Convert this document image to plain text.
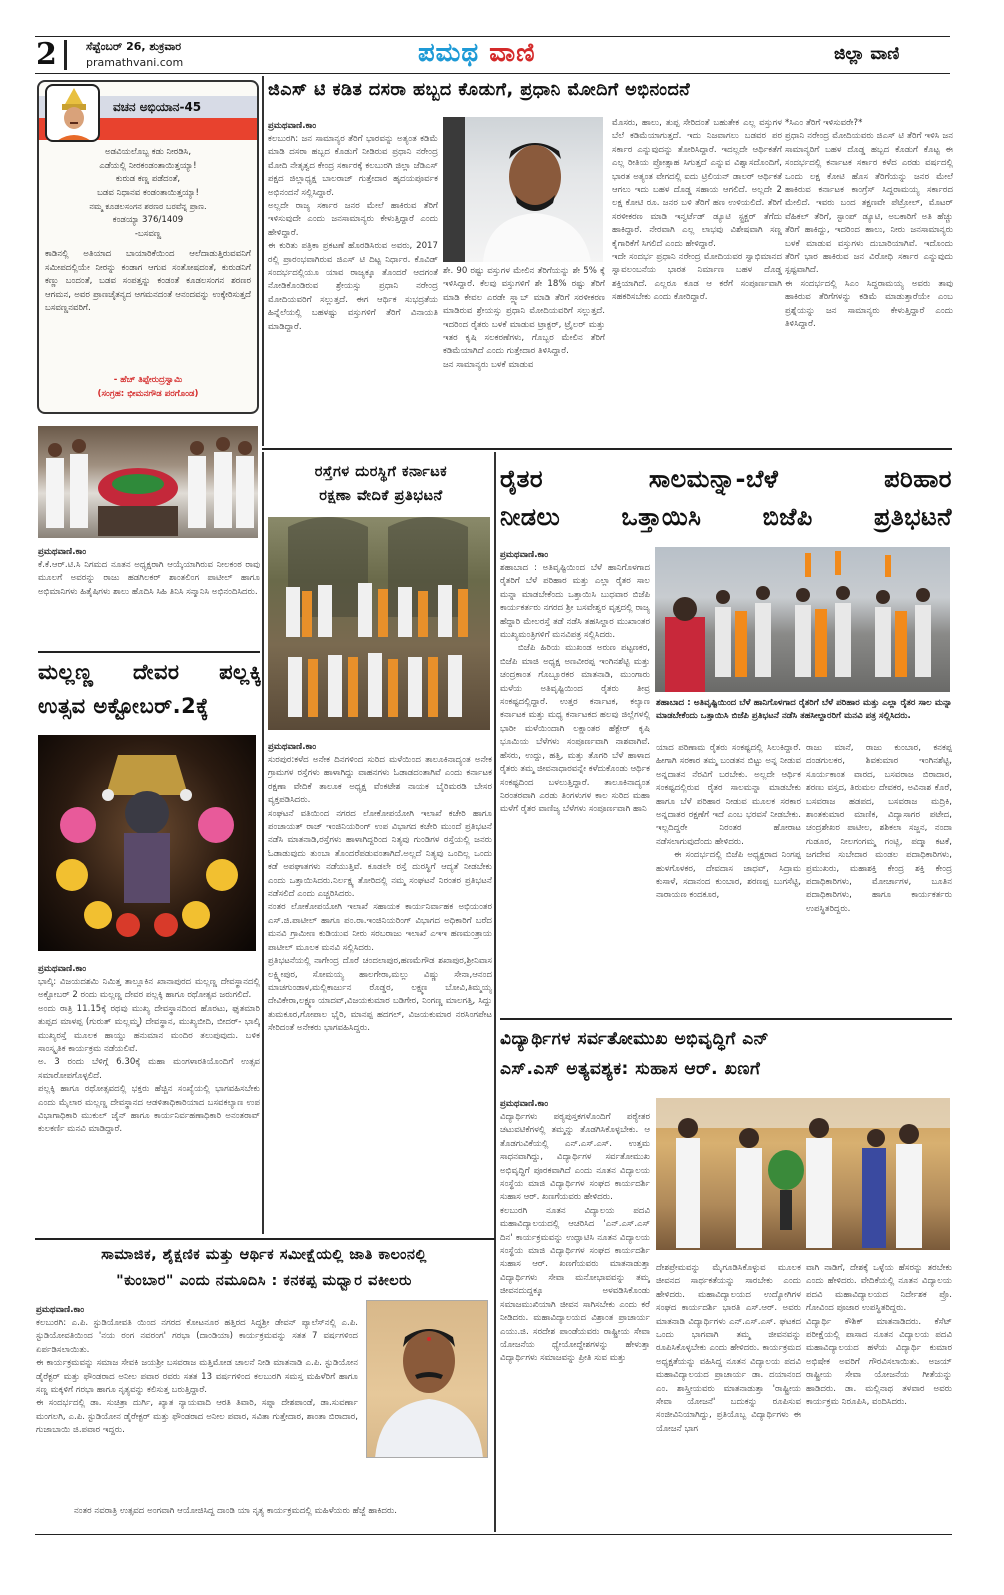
2	ಸೆಪ್ಟೆಂಬರ್ 26, ಶುಕ್ರವಾರ
pramathvani.com	ಪಮಥ ವಾಣಿ	ಜಿಲ್ಲಾ ವಾಣಿ
ವಚನ ಅಭಿಯಾನ-45
ಅಡವಿಯಲೊಬ್ಬ ಕಡು ನೀರಡಿಸಿ,
ಎಡೆಯಲ್ಲಿ ನೀರಕಂಡಂತಾಯಿತ್ತಯ್ಯಾ!
ಕುರುಡ ಕಣ್ಣ ಪಡೆದಂತೆ,
ಬಡವ ನಿಧಾನವ ಕಂಡಂತಾಯಿತ್ತಯ್ಯಾ!
ನಮ್ಮ ಕೂಡಲಸಂಗನ ಶರಣರ ಬರವೆನ್ನ ಪ್ರಾಣ.
ಕಂಡಯ್ಯಾ 376/1409
-ಬಸವಣ್ಣ
ಕಾಡಿನಲ್ಲಿ ಅತಿಯಾದ ಬಾಯಾರಿಕೆಯಿಂದ ಆಲೆದಾಡುತ್ತಿರುವವನಿಗೆ ಸಮೀಪದಲ್ಲಿಯೇ ನೀರನ್ನು ಕಂಡಾಗ ಆಗುವ ಸಂತೋಷದಂತೆ, ಕುರುಡನಿಗೆ ಕಣ್ಣು ಬಂದಂತೆ, ಬಡವ ಸಂಪತ್ತನ್ನು ಕಂಡಂತೆ ಕೂಡಲಸಂಗನ ಶರಣರ ಆಗಮನ, ಅವರ ಪ್ರಾಣಚೈತನ್ಯದ ಆಗಮನದಂತೆ ಆನಂದವನ್ನು ಉಕ್ಕೇರಿಸುತ್ತದೆ ಬಸವಣ್ಣನವರಿಗೆ.
- ಹೆಚ್ ತಿಪ್ಪೇರುದ್ರಸ್ವಾಮಿ
(ಸಂಗ್ರಹ: ಭೀಮನಗೌಡ ಪರಗೊಂಡ)
ಜಿಎಸ್ ಟಿ ಕಡಿತ ದಸರಾ ಹಬ್ಬದ ಕೊಡುಗೆ, ಪ್ರಧಾನಿ ಮೋದಿಗೆ ಅಭಿನಂದನೆ
ಪ್ರಮಥವಾಣಿ.ಕಾಂ

ಕಲಬುರಗಿ: ಜನ ಸಾಮಾನ್ಯರ ತೆರಿಗೆ ಭಾರವನ್ನು ಅತ್ಯಂತ ಕಡಿಮೆ ಮಾಡಿ ದಸರಾ ಹಬ್ಬದ ಕೊಡುಗೆ ನೀಡಿರುವ ಪ್ರಧಾನಿ ನರೇಂದ್ರ ಮೋದಿ ನೇತೃತ್ವದ ಕೇಂದ್ರ ಸರ್ಕಾರಕ್ಕೆ ಕಲಬುರಗಿ ಜಿಲ್ಲಾ ಜೆಡಿಎಸ್ ಪಕ್ಷದ ಜಿಲ್ಲಾಧ್ಯಕ್ಷ ಬಾಲರಾಜ್ ಗುತ್ತೇದಾರ ಹೃದಯಪೂರ್ವಕ ಅಭಿನಂದನೆ ಸಲ್ಲಿಸಿದ್ದಾರೆ.

ಅಲ್ಲದೇ ರಾಜ್ಯ ಸರ್ಕಾರ ಜನರ ಮೇಲೆ ಹಾಕಿರುವ ತೆರಿಗೆ ಇಳಿಸುವುದೇ ಎಂದು ಜನಸಾಮಾನ್ಯರು ಕೇಳುತ್ತಿದ್ದಾರೆ ಎಂದು ಹೇಳಿದ್ದಾರೆ.

ಈ ಕುರಿತು ಪತ್ರಿಕಾ ಪ್ರಕಟಣೆ ಹೊರಡಿಸಿರುವ ಅವರು, 2017 ರಲ್ಲಿ ಪ್ರಾರಂಭವಾಗಿರುವ ಜಿಎಸ್ ಟಿ ದಿಟ್ಟ ನಿರ್ಧಾರ. ಕೊವಿಡ್ ಸಂದರ್ಭದಲ್ಲಿಯೂ ಯಾವ ರಾಜ್ಯಕ್ಕೂ ತೊಂದರೆ ಆದಗಂತೆ ನೋಡಿಕೊಂಡಿರುವ ಶ್ರೇಯಸ್ಸು ಪ್ರಧಾನಿ ನರೇಂದ್ರ ಮೋದಿಯವರಿಗೆ ಸಲ್ಲುತ್ತದೆ. ಈಗ ಆರ್ಥಿಕ ಸುಭದ್ರತೆಯ ಹಿನ್ನೆಲೆಯಲ್ಲಿ ಬಹಳಷ್ಟು ವಸ್ತುಗಳಿಗೆ ತೆರಿಗೆ ವಿನಾಯತಿ ಮಾಡಿದ್ದಾರೆ.

ಶೇ. 90 ರಷ್ಟು ವಸ್ತುಗಳ ಮೇಲಿನ ತೆರಿಗೆಯನ್ನು ಶೇ 5% ಕ್ಕೆ ಇಳಿಸಿದ್ದಾರೆ. ಕೆಲವು ವಸ್ತುಗಳಿಗೆ ಶೇ 18% ರಷ್ಟು ತೆರಿಗೆ ಮಾಡಿ ಕೇವಲ ಎರಡೇ ಸ್ಲ್ಯಾಬ್ ಮಾಡಿ ತೆರಿಗೆ ಸರಳೀಕರಣ ಮಾಡಿರುವ ಶ್ರೇಯಸ್ಸು ಪ್ರಧಾನಿ ಮೋದಿಯವರಿಗೆ ಸಲ್ಲುತ್ತದೆ. ಇದರಿಂದ ರೈತರು ಬಳಕೆ ಮಾಡುವ ಟ್ರಾಕ್ಟರ್, ಟ್ರೈಲರ್ ಮತ್ತು ಇತರ ಕೃಷಿ ಸಲಕರಣೆಗಳು, ಗೊಬ್ಬರ ಮೇಲಿನ ತೆರಿಗೆ ಕಡಿಮೆಯಾಗಿದೆ ಎಂದು ಗುತ್ತೇದಾರ ತಿಳಿಸಿದ್ದಾರೆ.

ಜನ ಸಾಮಾನ್ಯರು ಬಳಕೆ ಮಾಡುವ

ಮೊಸರು, ಹಾಲು, ತುಪ್ಪ ಸೇರಿದಂತೆ ಬಹುತೇಕ ಎಲ್ಲ ವಸ್ತುಗಳ ಬೆಲೆ ಕಡಿಮೆಯಾಗುತ್ತದೆ. ಇದು ನಿಜವಾಗಲು ಬಡವರ ಪರ ಸರ್ಕಾರ ಎನ್ನುವುದನ್ನು ತೋರಿಸಿದ್ದಾರೆ. ಇದಲ್ಲದೇ ಆರ್ಥಿಕತೆಗೆ ಎಲ್ಲ ರೀತಿಯ ಪ್ರೋತ್ಸಾಹ ಸಿಗುತ್ತದೆ ಎನ್ನುವ ವಿಶ್ವಾಸದೊಂದಿಗೆ, ಭಾರತ ಅತ್ಯಂತ ವೇಗದಲ್ಲಿ ಐದು ಟ್ರಿಲಿಯನ್ ಡಾಲರ್ ಆರ್ಥಿಕತೆ ಆಗಲು ಇದು ಬಹಳ ದೊಡ್ಡ ಸಹಾಯ ಆಗಲಿದೆ. ಅಲ್ಲದೇ 2 ಲಕ್ಷ ಕೋಟಿ ರೂ. ಜನರ ಬಳಿ ತೆರಿಗೆ ಹಣ ಉಳಿಯಲಿದೆ. ತೆರಿಗೆ ಸರಳೀಕರಣ ಮಾಡಿ ಇನ್ವರ್ಟೆಡ್ ಡ್ಯೂಟಿ ಸ್ಟ್ರಕ್ಚರ್ ತೆಗೆದು ಹಾಕಿದ್ದಾರೆ. ನೇರವಾಗಿ ಎಲ್ಲ ಲಾಭವು ವಿಶೇಷವಾಗಿ ಸಣ್ಣ ಕೈಗಾರಿಕೆಗೆ ಸಿಗಲಿದೆ ಎಂದು ಹೇಳಿದ್ದಾರೆ.

ಇದೇ ಸಂದರ್ಭ ಪ್ರಧಾನಿ ನರೇಂದ್ರ ಮೋದಿಯವರ ಸ್ವಾಭಿಮಾನದ ಸ್ವಾವಲಂಬನೆಯ ಭಾರತ ನಿರ್ಮಾಣ ಬಹಳ ದೊಡ್ಡ ಶಕ್ತಿಯಾಗಿದೆ. ಎಲ್ಲರೂ ಕೂಡ ಆ ಕರೆಗೆ ಸಂಪೂರ್ಣವಾಗಿ ಸಹಕರಿಸಬೇಕು ಎಂದು ಕೋರಿದ್ದಾರೆ.

*ಸಿಎಂ ತೆರಿಗೆ ಇಳಿಸುವರೇ?*

ಪ್ರಧಾನಿ ನರೇಂದ್ರ ಮೋದಿಯವರು ಜಿಎಸ್ ಟಿ ತೆರಿಗೆ ಇಳಿಸಿ ಜನ ಸಾಮಾನ್ಯರಿಗೆ ಬಹಳ ದೊಡ್ಡ ಹಬ್ಬದ ಕೊಡುಗೆ ಕೊಟ್ಟ ಈ ಸಂದರ್ಭದಲ್ಲಿ ಕರ್ನಾಟಕ ಸರ್ಕಾರ ಕಳೆದ ಎರಡು ವರ್ಷದಲ್ಲಿ ಒಂದು ಲಕ್ಷ ಕೋಟಿ ಹೊಸ ತೆರಿಗೆಯನ್ನು ಜನರ ಮೇಲೆ ಹಾಕಿರುವ ಕರ್ನಾಟಕ ಕಾಂಗ್ರೆಸ್ ಸಿದ್ದರಾಮಯ್ಯ ಸರ್ಕಾರದ ಮೇಲಿದೆ. ಇವರು ಬಂದ ತಕ್ಷಣವೇ ಪೆಟ್ರೋಲ್, ಮೊಟರ್ ವೆಹಿಕಲ್ ತೆರಿಗೆ, ಸ್ಟಾಂಪ್ ಡ್ಯೂಟಿ, ಅಬಕಾರಿಗೆ ಅತಿ ಹೆಚ್ಚು ತೆರಿಗೆ ಹಾಕಿದ್ದು, ಇದರಿಂದ ಹಾಲು, ನೀರು ಜನಸಾಮಾನ್ಯರು ಬಳಕೆ ಮಾಡುವ ವಸ್ತುಗಳು ದುಬಾರಿಯಾಗಿವೆ. ಇದೊಂದು ತೆರಿಗೆ ಭಾರ ಹಾಕಿರುವ ಜನ ವಿರೋಧಿ ಸರ್ಕಾರ ಎನ್ನುವುದು ಸ್ಪಷ್ಟವಾಗಿದೆ.

ಈ ಸಂದರ್ಭದಲ್ಲಿ ಸಿಎಂ ಸಿದ್ದರಾಮಯ್ಯ ಅವರು ತಾವು ಹಾಕಿರುವ ತೆರಿಗೆಗಳನ್ನು ಕಡಿಮೆ ಮಾಡುತ್ತಾರೆಯೇ ಎಂಬ ಪ್ರಶ್ನೆಯನ್ನು ಜನ ಸಾಮಾನ್ಯರು ಕೇಳುತ್ತಿದ್ದಾರೆ ಎಂದು ತಿಳಿಸಿದ್ದಾರೆ.

ಪ್ರಮಥವಾಣಿ.ಕಾಂ
ಕೆ.ಕೆ.ಆರ್.ಟಿ.ಸಿ ನಿಗಮದ ನೂತನ ಅಧ್ಯಕ್ಷರಾಗಿ ಆಯ್ಕೆಯಾಗಿರುವ ನೀಲಕಂಠ ರಾವು ಮೂಲಗೆ ಅವರನ್ನು ರಾಜು ಹಡಗಿಲಕರ್ ಶಾಂತಲಿಂಗ ಪಾಟೀಲ್ ಹಾಗೂ ಅಭಿಮಾನಿಗಳು ಹಿತೈಷಿಗಳು ಶಾಲು ಹೊದಿಸಿ ಸಿಹಿ ತಿನಿಸಿ ಸನ್ಮಾನಿಸಿ ಅಭಿನಂದಿಸಿದರು.
ಮಲ್ಲಣ್ಣ ದೇವರ ಪಲ್ಲಕ್ಕಿ
ಉತ್ಸವ ಅಕ್ಟೋಬರ್.2ಕ್ಕೆ
ಪ್ರಮಥವಾಣಿ.ಕಾಂ

ಭಾಲ್ಕಿ: ವಿಜಯದಶಮಿ ನಿಮಿತ್ತ ತಾಲ್ಲೂಕಿನ ಖಾನಾಪುರದ ಮಲ್ಲಣ್ಣ ದೇವಸ್ಥಾನದಲ್ಲಿ ಅಕ್ಟೋಬರ್ 2 ರಂದು ಮಲ್ಲಣ್ಣ ದೇವರ ಪಲ್ಲಕ್ಕಿ ಹಾಗೂ ರಥೋತ್ಸವ ಜರುಗಲಿದೆ.

ಅಂದು ರಾತ್ರಿ 11.15ಕ್ಕೆ ರಥವು ಮುಖ್ಯ ದೇವಸ್ಥಾನದಿಂದ ಹೊರಟು, ಘೃತಮಾರಿ ತುಪ್ಪದ ಮಾಳಪ್ಪ (ಗುರುತ್ ಮಲ್ಲಮ್ಮ) ದೇವಸ್ಥಾನ, ಮುಖ್ಯಬೀದಿ, ಬೀದರ್- ಭಾಲ್ಕಿ ಮುಖ್ಯರಸ್ತೆ ಮೂಲಕ ಹಾಯ್ದು ಹನುಮಾನ ಮಂದಿರ ತಲುಪುವುದು. ಬಳಿಕ ಸಾಂಸ್ಕೃತಿಕ ಕಾರ್ಯಕ್ರಮ ನಡೆಯಲಿವೆ.

ಅ. 3 ರಂದು ಬೆಳಿಗ್ಗೆ 6.30ಕ್ಕೆ ಮಹಾ ಮಂಗಳಾರತಿಯೊಂದಿಗೆ ಉತ್ಸವ ಸಮಾರೋಪಗೊಳ್ಳಲಿದೆ.

ಪಲ್ಲಕ್ಕಿ ಹಾಗೂ ರಥೋತ್ಸವದಲ್ಲಿ ಭಕ್ತರು ಹೆಚ್ಚಿನ ಸಂಖ್ಯೆಯಲ್ಲಿ ಭಾಗವಹಿಸಬೇಕು ಎಂದು ಮೈಲಾರ ಮಲ್ಲಣ್ಣ ದೇವಸ್ಥಾನದ ಆಡಳಿತಾಧಿಕಾರಿಯಾದ ಬಸವಕಲ್ಯಾಣ ಉಪ ವಿಭಾಗಾಧಿಕಾರಿ ಮುಕುಲ್ ಜೈನ್ ಹಾಗೂ ಕಾರ್ಯನಿರ್ವಹಣಾಧಿಕಾರಿ ಅನಂತರಾವ್ ಕುಲಕರ್ಣಿ ಮನವಿ ಮಾಡಿದ್ದಾರೆ.

ರಸ್ತೆಗಳ ದುರಸ್ಥಿಗೆ ಕರ್ನಾಟಕ
ರಕ್ಷಣಾ ವೇದಿಕೆ ಪ್ರತಿಭಟನೆ
ಪ್ರಮಥವಾಣಿ.ಕಾಂ

ಸುರಪುರ:ಕಳೆದ ಅನೇಕ ದಿನಗಳಿಂದ ಸುರಿದ ಮಳೆಯಿಂದ ತಾಲೂಕಿನಾದ್ಯಂತ ಅನೇಕ ಗ್ರಾಮಗಳ ರಸ್ತೆಗಳು ಹಾಳಾಗಿದ್ದು ವಾಹನಗಳು ಓಡಾಡದಂತಾಗಿವೆ ಎಂದು ಕರ್ನಾಟಕ ರಕ್ಷಣಾ ವೇದಿಕೆ ತಾಲೂಕ ಅಧ್ಯಕ್ಷ ವೆಂಕಟೇಶ ನಾಯಕ ಬೈರಿಮರಡಿ ಬೇಸರ ವ್ಯಕ್ತಪಡಿಸಿದರು.

ಸಂಘಟನೆ ವತಿಯಿಂದ ನಗರದ ಲೋಕೋಪಯೋಗಿ ಇಲಾಖೆ ಕಚೇರಿ ಹಾಗೂ ಪಂಚಾಯತ್ ರಾಜ್ ಇಂಜಿನಿಯರಿಂಗ್ ಉಪ ವಿಭಾಗದ ಕಚೇರಿ ಮುಂದೆ ಪ್ರತಿಭಟನೆ ನಡೆಸಿ ಮಾತನಾಡಿ,ರಸ್ತೆಗಳು ಹಾಳಾಗಿದ್ದರಿಂದ ನಿತ್ಯವು ಗುಂಡಿಗಳ ರಸ್ತೆಯಲ್ಲಿ ಜನರು ಓಡಾಡುವುದು ತುಂಬಾ ತೊಂದರೆಪಡುವಂತಾಗಿದೆ.ಅಲ್ಲದೆ ನಿತ್ಯವು ಒಂದಿಲ್ಲ ಒಂದು ಕಡೆ ಅಪಘಾತಗಳು ನಡೆಯುತ್ತಿವೆ. ಕೂಡಲೇ ರಸ್ತೆ ದುರಸ್ಥಿಗೆ ಆದ್ಯತೆ ನೀಡಬೇಕು ಎಂದು ಒತ್ತಾಯಿಸಿದರು.ನಿರ್ಲಕ್ಷ್ಯ ತೋರಿದಲ್ಲಿ ನಮ್ಮ ಸಂಘಟನೆ ನಿರಂತರ ಪ್ರತಿಭಟನೆ ನಡೆಸಲಿದೆ ಎಂದು ಎಚ್ಚರಿಸಿದರು.

ನಂತರ ಲೋಕೋಪಯೋಗಿ ಇಲಾಖೆ ಸಹಾಯಕ ಕಾರ್ಯನಿರ್ವಾಹಕ ಅಭಿಯಂತರ ಎಸ್.ಜಿ.ಪಾಟೀಲ್ ಹಾಗೂ ಪಂ.ರಾ.ಇಂಜಿನಿಯರಿಂಗ್ ವಿಭಾಗದ ಅಧಿಕಾರಿಗೆ ಬರೆದ ಮನವಿ ಗ್ರಾಮೀಣ ಕುಡಿಯುವ ನೀರು ಸರಬರಾಜು ಇಲಾಖೆ ಎಇಇ ಹಣಮಂತ್ರಾಯ ಪಾಟೀಲ್ ಮೂಲಕ ಮನವಿ ಸಲ್ಲಿಸಿದರು.

ಪ್ರತಿಭಟನೆಯಲ್ಲಿ ನಾಗೇಂದ್ರ ದೊರೆ ಚಂದಲಾಪುರ,ಹಣಮೆಗೌಡ ಶಖಾಪುರ,ಶ್ರೀನಿವಾಸ ಲಕ್ಷ್ಮೀಪುರ, ಸೋಮಯ್ಯ ಹಾಲಗೇರಾ,ಮಲ್ಲು ವಿಷ್ಣು ಸೇನಾ,ಆನಂದ ಮಾಚಗುಂಡಾಳ,ಮಲ್ಲಿಕಾರ್ಜುನ ರೊಡ್ಡರ, ಲಕ್ಷ್ಮಣ ಬೋವಿ,ತಿಮ್ಮಯ್ಯ ದೇವಿಕೇರಾ,ಲಕ್ಷ್ಮಣ ಯಾದವ್,ವಿಜಯಕುಮಾರ ಬಡಿಗೇರ, ನಿಂಗಣ್ಣ ಮಾಲಗತ್ತಿ, ಸಿದ್ದು ತುಮಕೂರ,ಗೋಪಾಲ ಭೈರಿ, ಮಾನಪ್ಪ ಹದಗಲ್, ವಿಜಯಕುಮಾರ ನರಸಿಂಗಪೇಟ ಸೇರಿದಂತೆ ಅನೇಕರು ಭಾಗವಹಿಸಿದ್ದರು.

ರೈತರ ಸಾಲಮನ್ನಾ-ಬೆಳೆ ಪರಿಹಾರ
ನೀಡಲು ಒತ್ತಾಯಿಸಿ ಬಿಜೆಪಿ ಪ್ರತಿಭಟನೆ
ಪ್ರಮಥವಾಣಿ.ಕಾಂ

ಶಹಾಬಾದ : ಅತಿವೃಷ್ಟಿಯಿಂದ ಬೆಳೆ ಹಾನಿಗೊಳಗಾದ ರೈತರಿಗೆ ಬೆಳೆ ಪರಿಹಾರ ಮತ್ತು ಎಲ್ಲಾ ರೈತರ ಸಾಲ ಮನ್ನಾ ಮಾಡಬೇಕೆಂದು ಒತ್ತಾಯಿಸಿ ಬುಧವಾರ ಬಿಜೆಪಿ ಕಾರ್ಯಕರ್ತರು ನಗರದ ಶ್ರೀ ಬಸವೇಶ್ವರ ವೃತ್ತದಲ್ಲಿ ರಾಜ್ಯ ಹೆದ್ದಾರಿ ಮೇಲರಸ್ತೆ ತಡೆ ನಡೆಸಿ ತಹಸಿಲ್ದಾರ ಮುಖಾಂತರ ಮುಖ್ಯಮಂತ್ರಿಗಳಿಗೆ ಮನವಿಪತ್ರ ಸಲ್ಲಿಸಿದರು.

ಬಿಜೆಪಿ ಹಿರಿಯ ಮುಖಂಡ ಅರುಣ ಪಟ್ಟಣಕರ, ಬಿಜೆಪಿ ಮಾಜಿ ಅಧ್ಯಕ್ಷ ಅಣವೀರಪ್ಪ ಇಂಗಿನಶೆಟ್ಟಿ ಮತ್ತು ಚಂದ್ರಕಾಂತ ಗೊಬ್ಬೂರಕರ ಮಾತನಾಡಿ, ಮುಂಗಾರು ಮಳೆಯ ಅತಿವೃಷ್ಟಿಯಿಂದ ರೈತರು ತೀವ್ರ ಸಂಕಷ್ಟದಲ್ಲಿದ್ದಾರೆ. ಉತ್ತರ ಕರ್ನಾಟಕ, ಕಲ್ಯಾಣ ಕರ್ನಾಟಕ ಮತ್ತು ಮಧ್ಯ ಕರ್ನಾಟಕದ ಹಲವು ಜಿಲ್ಲೆಗಳಲ್ಲಿ ಭಾರೀ ಮಳೆಯಿಂದಾಗಿ ಲಕ್ಷಾಂತರ ಹೆಕ್ಟೇರ್ ಕೃಷಿ ಭೂಮಿಯ ಬೆಳೆಗಳು ಸಂಪೂರ್ಣವಾಗಿ ನಾಶವಾಗಿವೆ. ಹೆಸರು, ಉದ್ದು, ಹತ್ತಿ, ಮತ್ತು ತೊಗರಿ ಬೆಳೆ ಹಾಳಾದ ರೈತರು ತಮ್ಮ ಜೀವನಾಧಾರವನ್ನೇ ಕಳೆದುಕೊಂಡು ಆರ್ಥಿಕ ಸಂಕಷ್ಟದಿಂದ ಬಳಲುತ್ತಿದ್ದಾರೆ. ತಾಲೂಕಿನಾದ್ಯಂತ ನಿರಂತರವಾಗಿ ಎರಡು ತಿಂಗಳುಗಳ ಕಾಲ ಸುರಿದ ಮಹಾ ಮಳೆಗೆ ರೈತರ ವಾಣಿಜ್ಯ ಬೆಳೆಗಳು ಸಂಪೂರ್ಣವಾಗಿ ಹಾನಿ

ಶಹಾಬಾದ : ಅತಿವೃಷ್ಟಿಯಿಂದ ಬೆಳೆ ಹಾನಿಗೊಳಗಾದ ರೈತರಿಗೆ ಬೆಳೆ ಪರಿಹಾರ ಮತ್ತು ಎಲ್ಲಾ ರೈತರ ಸಾಲ ಮನ್ನಾ ಮಾಡಬೇಕೆಂದು ಒತ್ತಾಯಿಸಿ ಬಿಜೆಪಿ ಪ್ರತಿಭಟನೆ ನಡೆಸಿ ತಹಸೀಲ್ದಾರರಿಗೆ ಮನವಿ ಪತ್ರ ಸಲ್ಲಿಸಿದರು.

ಯಾದ ಪರಿಣಾಮ ರೈತರು ಸಂಕಷ್ಟದಲ್ಲಿ ಸಿಲುಕಿದ್ದಾರೆ. ಹೀಗಾಗಿ ಸರಕಾರ ತಮ್ಮ ಬಂಡತನ ಬಿಟ್ಟು ಅನ್ನ ನೀಡುವ ಅನ್ನದಾತನ ನೆರವಿಗೆ ಬರಬೇಕು. ಅಲ್ಲದೇ ಆರ್ಥಿಕ ಸಂಕಷ್ಟದಲ್ಲಿರುವ ರೈತರ ಸಾಲಮನ್ನಾ ಮಾಡಬೇಕು ಹಾಗೂ ಬೆಳೆ ಪರಿಹಾರ ನೀಡುವ ಮೂಲಕ ಸರಕಾರ ಅನ್ನದಾತರ ರಕ್ಷಣೆಗೆ ಇದೆ ಎಂಬ ಭರವಸೆ ನೀಡಬೇಕು. ಇಲ್ಲದಿದ್ದರೇ ನಿರಂತರ ಹೋರಾಟ ನಡೆಸಲಾಗುವುದೆಂದು ಹೇಳಿದರು.

ಈ ಸಂದರ್ಭದಲ್ಲಿ ಬಿಜೆಪಿ ಅಧ್ಯಕ್ಷರಾದ ನಿಂಗಪ್ಪ ಹುಳಗೊಳಕರ, ದೇವದಾಸ ಜಾಧವ್, ಸಿದ್ರಾಮ ಕುಸಾಳೆ, ಸದಾನಂದ ಕುಂಬಾರ, ಶರಣಪ್ಪ ಬುಗಸೆಟ್ಟಿ, ನಾರಾಯಣ ಕಂದಕೂರ,

ರಾಜು ಮಾನೆ, ರಾಜು ಕುಂಬಾರ, ಕನಕಪ್ಪ ದಂಡಗುಲಕರ, ಶಿವಕುಮಾರ ಇಂಗಿನಶೆಟ್ಟಿ, ಸೂರ್ಯಕಾಂತ ವಾರದ, ಬಸವರಾಜ ಬಿರಾದಾರ, ಶರಣು ವಸ್ತದ, ತಿರುಮಲ ದೇವಕರ, ಅವಿನಾಶ ಕೊರೆ, ಬಸವರಾಜ ಹಡಪದ, ಬಸವರಾಜ ಮದ್ರಿಕಿ, ಶಾಂತಕುಮಾರ ಮಾಣಿಕ, ವಿದ್ಯಾಸಾಗರ ಪಟೇದ, ಚಂದ್ರಶೇಖರ ಪಾಟೀಲ, ಶಶಿಕಲಾ ಸಜ್ಜನ, ನಂದಾ ಗುಡೂರ, ನೀಲಗಂಗಮ್ಮ ಗಂಟ್ಲಿ, ಪದ್ಮಾ ಕಟಕೆ, ಜಗದೇವ ಸುಬೇದಾರ ಮಂಡಲ ಪದಾಧಿಕಾರಿಗಳು, ಪ್ರಮುಖರು, ಮಹಾಶಕ್ತಿ ಕೇಂದ್ರ ಶಕ್ತಿ ಕೇಂದ್ರ ಪದಾಧಿಕಾರಿಗಳು, ಮೋರ್ಚಾಗಳ, ಬೂತಿನ ಪದಾಧಿಕಾರಿಗಳು, ಹಾಗೂ ಕಾರ್ಯಕರ್ತರು ಉಪಸ್ಥಿತರಿದ್ದರು.

ವಿದ್ಯಾರ್ಥಿಗಳ ಸರ್ವತೋಮುಖ ಅಭಿವೃದ್ಧಿಗೆ ಎನ್
ಎಸ್.ಎಸ್ ಅತ್ಯವಶ್ಯಕ: ಸುಹಾಸ ಆರ್. ಖಣಗೆ
ಪ್ರಮಥವಾಣಿ.ಕಾಂ

ವಿದ್ಯಾರ್ಥಿಗಳು ಪಠ್ಯಪುಸ್ತಕಗಳೊಂದಿಗೆ ಪಠ್ಯೇತರ ಚಟುವಟಿಕೆಗಳಲ್ಲಿ ತಮ್ಮನ್ನು ತೊಡಗಿಸಿಕೊಳ್ಳಬೇಕು. ಆ ತೊಡಗುವಿಕೆಯಲ್ಲಿ ಎನ್.ಎಸ್.ಎಸ್. ಉತ್ತಮ ಸಾಧನವಾಗಿದ್ದು, ವಿದ್ಯಾರ್ಥಿಗಳ ಸರ್ವತೋಮುಖ ಅಭಿವೃದ್ಧಿಗೆ ಪೂರಕವಾಗಿದೆ ಎಂದು ನೂತನ ವಿದ್ಯಾಲಯ ಸಂಸ್ಥೆಯ ಮಾಜಿ ವಿದ್ಯಾರ್ಥಿಗಳ ಸಂಘದ ಕಾರ್ಯದರ್ಶಿ ಸುಹಾಸ ಆರ್. ಖಣಗೆಯವರು ಹೇಳಿದರು.

ಕಲಬುರಗಿ ನೂತನ ವಿದ್ಯಾಲಯ ಪದವಿ ಮಹಾವಿದ್ಯಾಲಯದಲ್ಲಿ ಆಚರಿಸಿದ 'ಎನ್.ಎಸ್.ಎಸ್ ದಿನ' ಕಾರ್ಯಕ್ರಮವನ್ನು ಉದ್ಘಾಟಿಸಿ ನೂತನ ವಿದ್ಯಾಲಯ ಸಂಸ್ಥೆಯ ಮಾಜಿ ವಿದ್ಯಾರ್ಥಿಗಳ ಸಂಘದ ಕಾರ್ಯದರ್ಶಿ ಸುಹಾಸ ಆರ್. ಖಣಗೆಯವರು ಮಾತನಾಡುತ್ತಾ ವಿದ್ಯಾರ್ಥಿಗಳು ಸೇವಾ ಮನೋಭಾವವನ್ನು ತಮ್ಮ ಜೀವನದುದ್ದಕ್ಕೂ ಅಳವಡಿಸಿಕೊಂಡು ಸಮಾಜಮುಖಿಯಾಗಿ ಜೀವನ ಸಾಗಿಸಬೇಕು ಎಂದು ಕರೆ ನೀಡಿದರು. ಮಹಾವಿದ್ಯಾಲಯದ ವಿಶ್ರಾಂತ ಪ್ರಾಚಾರ್ಯ ಎಯು.ಜಿ. ಸರದೇಶ ಪಾಂಡೆಯವರು ರಾಷ್ಟ್ರೀಯ ಸೇವಾ ಯೋಜನೆಯ ಧ್ಯೇಯೋದ್ದೇಶಗಳನ್ನು ಹೇಳುತ್ತಾ ವಿದ್ಯಾರ್ಥಿಗಳು ಸಮಾಜವನ್ನು ಪ್ರೀತಿ ಸುವ ಮತ್ತು

ದೇಶಪ್ರೇಮವನ್ನು ಮೈಗೂಡಿಸಿಕೊಳ್ಳುವ ಮೂಲಕ ಜೀವನದ ಸಾರ್ಥಕತೆಯನ್ನು ಸಾರಬೇಕು ಎಂದು ಹೇಳಿದರು. ಮಹಾವಿದ್ಯಾಲಯದ ಉದ್ಯೋಗಿಗಳ ಸಂಘದ ಕಾರ್ಯದರ್ಶಿ ಭಾರತಿ ಎಸ್.ಆರ್. ಅವರು ಮಾತನಾಡಿ ವಿದ್ಯಾರ್ಥಿಗಳು ಎನ್.ಎಸ್.ಎಸ್. ಘಟಕದ ಒಂದು ಭಾಗವಾಗಿ ತಮ್ಮ ಜೀವನವನ್ನು ರೂಪಿಸಿಕೊಳ್ಳಬೇಕು ಎಂದು ಹೇಳಿದರು. ಕಾರ್ಯಕ್ರಮದ ಅಧ್ಯಕ್ಷತೆಯನ್ನು ವಹಿಸಿದ್ದ ನೂತನ ವಿದ್ಯಾಲಯ ಪದವಿ ಮಹಾವಿದ್ಯಾಲಯದ ಪ್ರಾಚಾರ್ಯ ಡಾ. ದಯಾನಂದ ಎಂ. ಶಾಸ್ತ್ರೀಯವರು ಮಾತನಾಡುತ್ತಾ 'ರಾಷ್ಟ್ರೀಯ ಸೇವಾ ಯೋಜನೆ' ಬದುಕನ್ನು ರೂಪಿಸುವ ಸಂಜೀವಿನಿಯಾಗಿದ್ದು, ಪ್ರತಿಯೊಬ್ಬ ವಿದ್ಯಾರ್ಥಿಗಳು ಈ ಯೋಜನೆ ಭಾಗ

ವಾಗಿ ನಾಡಿಗೆ, ದೇಶಕ್ಕೆ ಒಳ್ಳೆಯ ಹೆಸರನ್ನು ತರಬೇಕು ಎಂದು ಹೇಳಿದರು. ವೇದಿಕೆಯಲ್ಲಿ ನೂತನ ವಿದ್ಯಾಲಯ ಪದವಿ ಮಹಾವಿದ್ಯಾಲಯದ ನಿರ್ದೇಶಕ ಪ್ರೊ. ಗೋವಿಂದ ಪೂಜಾರ ಉಪಸ್ಥಿತರಿದ್ದರು.

ವಿದ್ಯಾರ್ಥಿ ಕೌಶಿಕ್ ಮಾತನಾಡಿದರು. ಕೆಸೆಟ್ ಪರೀಕ್ಷೆಯಲ್ಲಿ ಪಾಸಾದ ನೂತನ ವಿದ್ಯಾಲಯ ಪದವಿ ಮಹಾವಿದ್ಯಾಲಯದ ಹಳೆಯ ವಿದ್ಯಾರ್ಥಿ ಕುಮಾರ ಅಭಿಷೇಕ ಅವರಿಗೆ ಗೌರವಿಸಲಾಯಿತು. ಅಜಯ್ ರಾಷ್ಟ್ರೀಯ ಸೇವಾ ಯೋಜನೆಯ ಗೀತೆಯನ್ನು ಹಾಡಿದರು. ಡಾ. ಮಲ್ಲಿನಾಥ ತಳವಾರ ಅವರು ಕಾರ್ಯಕ್ರಮ ನಿರೂಪಿಸಿ, ವಂದಿಸಿದರು.

ಸಾಮಾಜಿಕ, ಶೈಕ್ಷಣಿಕ ಮತ್ತು ಆರ್ಥಿಕ ಸಮೀಕ್ಷೆಯಲ್ಲಿ ಜಾತಿ ಕಾಲಂನಲ್ಲಿ
"ಕುಂಬಾರ" ಎಂದು ನಮೂದಿಸಿ : ಕನಕಪ್ಪ ಮಧ್ವಾರ ವಕೀಲರು
ಪ್ರಮಥವಾಣಿ.ಕಾಂ

ಕಲಬುರಗಿ: ಎ.ಪಿ. ಸ್ಟುಡಿಯೋವತಿ ಯಿಂದ ನಗರದ ಕೋಟನೂರ ಹತ್ತಿರದ ಸಿದ್ಧಶ್ರೀ ಡೇವನ್ ಪ್ಯಾಲೆಸ್‌ನಲ್ಲಿ ಎ.ಪಿ. ಸ್ಟುಡಿಯೋವತಿಯಿಂದ 'ನಯ ರಂಗ ನವರಂಗ' ಗರಭಾ (ದಾಂಡಿಯಾ) ಕಾರ್ಯಕ್ರಮವನ್ನು ಸತತ 7 ವರ್ಷಗಳಿಂದ ಏರ್ಪಡಿಸಲಾಯಿತು.

ಈ ಕಾರ್ಯಕ್ರಮವನ್ನು ಸಮಾಜ ಸೇವಕಿ ಜಯಶ್ರೀ ಬಸವರಾಜ ಮತ್ತಿಮೋಡ ಚಾಲನೆ ನೀಡಿ ಮಾತನಾಡಿ ಎ.ಪಿ. ಸ್ಟುಡಿಯೋನ ಡೈರೆಕ್ಟರ್ ಮತ್ತು ಫೌಂಡರಾದ ಅನೀಲ ಪವಾರ ರವರು ಸತತ 13 ವರ್ಷಗಳಿಂದ ಕಲಬುರಗಿ ಸಮಸ್ತ ಮಹಿಳೆರಿಗೆ ಹಾಗೂ ಸಣ್ಣ ಮಕ್ಕಳಿಗೆ ಗರಭಾ ಹಾಗೂ ನೃತ್ಯವನ್ನು ಕಲಿಸುತ್ತ ಬರುತ್ತಿದ್ದಾರೆ.

ಈ ಸಂದರ್ಭದಲ್ಲಿ ಡಾ. ಸುಚಿತ್ರಾ ದುರ್ಗಿ, ಖ್ಯಾತ ನ್ಯಾಯವಾದಿ ಆರತಿ ತಿವಾರಿ, ಸಪ್ನಾ ದೇಶಪಾಂಡೆ, ಡಾ.ಸುವರ್ಣಾ ಮಂಗಲಗಿ, ಎ.ಪಿ. ಸ್ಟುಡಿಯೋನ ಡೈರೇಕ್ಟರ್ ಮತ್ತು ಫೌಂಡರಾದ ಅನೀಲ ಪವಾರ, ಸವಿತಾ ಗುತ್ತೇದಾರ, ಶಾಂತಾ ಬಿರಾದಾರ, ಗುಜಾಬಾಯಿ ಜಿ.ಪವಾರ ಇದ್ದರು.

ನಂತರ ನವರಾತ್ರಿ ಉತ್ಸವದ ಅಂಗವಾಗಿ ಆಯೋಜಿಸಿದ್ದ ದಾಂಡಿ ಯಾ ನೃತ್ಯ ಕಾರ್ಯಕ್ರಮದಲ್ಲಿ ಮಹಿಳೆಯರು ಹೆಜ್ಜೆ ಹಾಕಿದರು.
